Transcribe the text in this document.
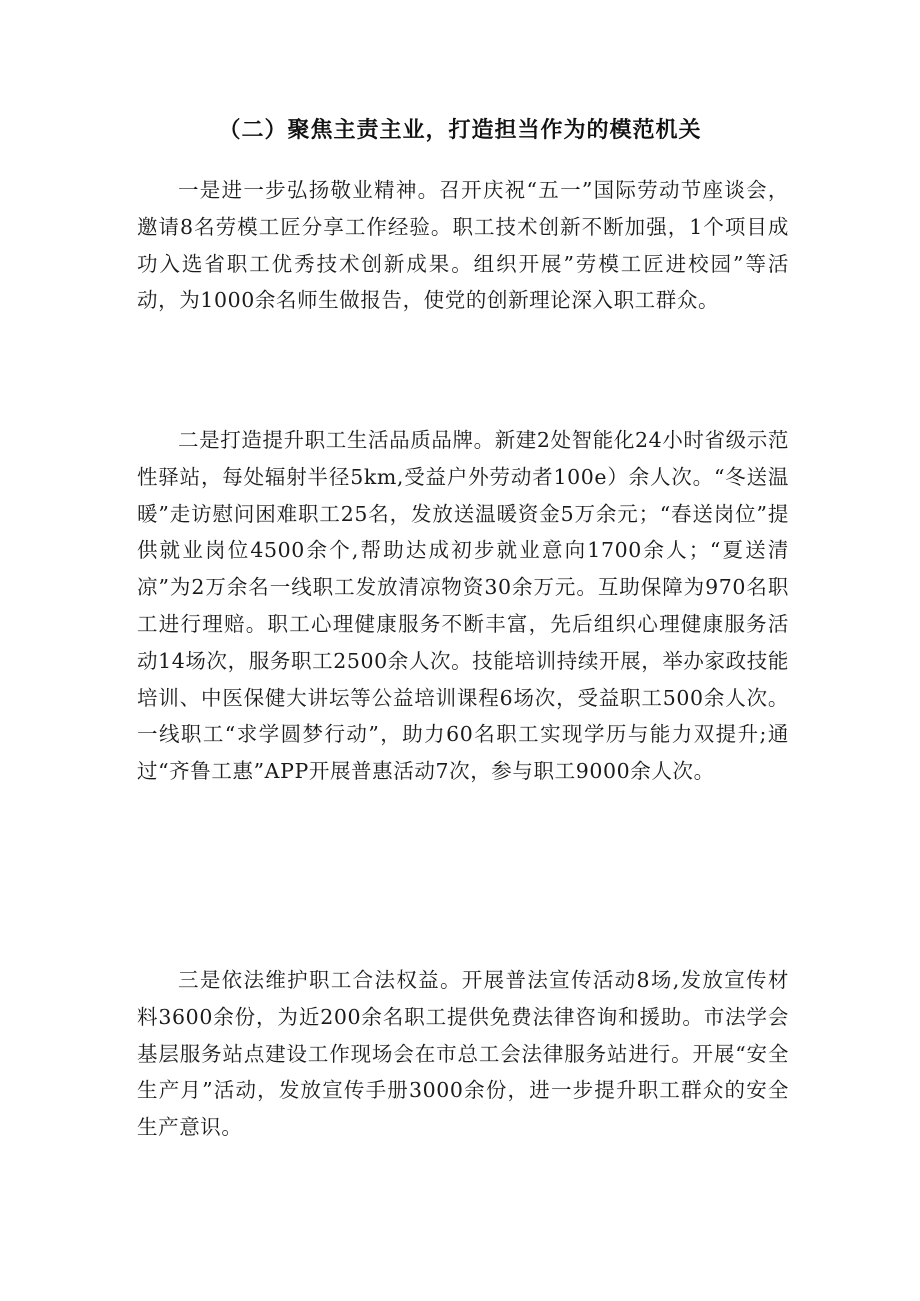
（二）聚焦主责主业，打造担当作为的模范机关

一是进一步弘扬敬业精神。召开庆祝“五一”国际劳动节座谈会，邀请8名劳模工匠分享工作经验。职工技术创新不断加强，1个项目成功入选省职工优秀技术创新成果。组织开展”劳模工匠进校园”等活动，为1000余名师生做报告，使党的创新理论深入职工群众。

二是打造提升职工生活品质品牌。新建2处智能化24小时省级示范性驿站，每处辐射半径5km,受益户外劳动者100e）余人次。“冬送温暖”走访慰问困难职工25名，发放送温暖资金5万余元；“春送岗位”提供就业岗位4500余个,帮助达成初步就业意向1700余人；“夏送清凉”为2万余名一线职工发放清凉物资30余万元。互助保障为970名职工进行理赔。职工心理健康服务不断丰富，先后组织心理健康服务活动14场次，服务职工2500余人次。技能培训持续开展，举办家政技能培训、中医保健大讲坛等公益培训课程6场次，受益职工500余人次。一线职工“求学圆梦行动”，助力60名职工实现学历与能力双提升;通过“齐鲁工惠”APP开展普惠活动7次，参与职工9000余人次。

三是依法维护职工合法权益。开展普法宣传活动8场,发放宣传材料3600余份，为近200余名职工提供免费法律咨询和援助。市法学会基层服务站点建设工作现场会在市总工会法律服务站进行。开展“安全生产月”活动，发放宣传手册3000余份，进一步提升职工群众的安全生产意识。
